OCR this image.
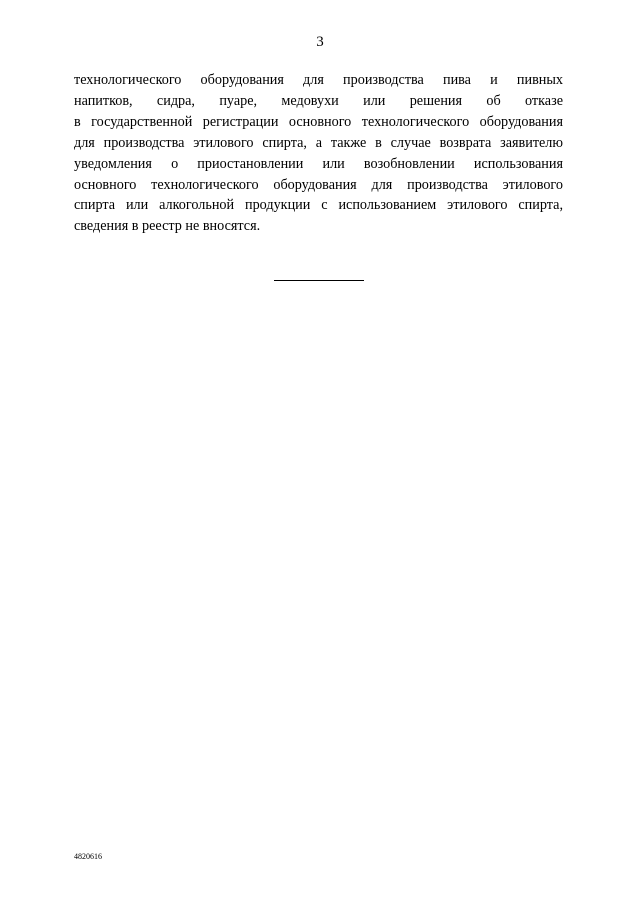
3
технологического оборудования для производства пива и пивных
напитков, сидра, пуаре, медовухи или решения об отказе
в государственной регистрации основного технологического оборудования
для производства этилового спирта, а также в случае возврата заявителю
уведомления о приостановлении или возобновлении использования
основного технологического оборудования для производства этилового
спирта или алкогольной продукции с использованием этилового спирта,
сведения в реестр не вносятся.
4820616
